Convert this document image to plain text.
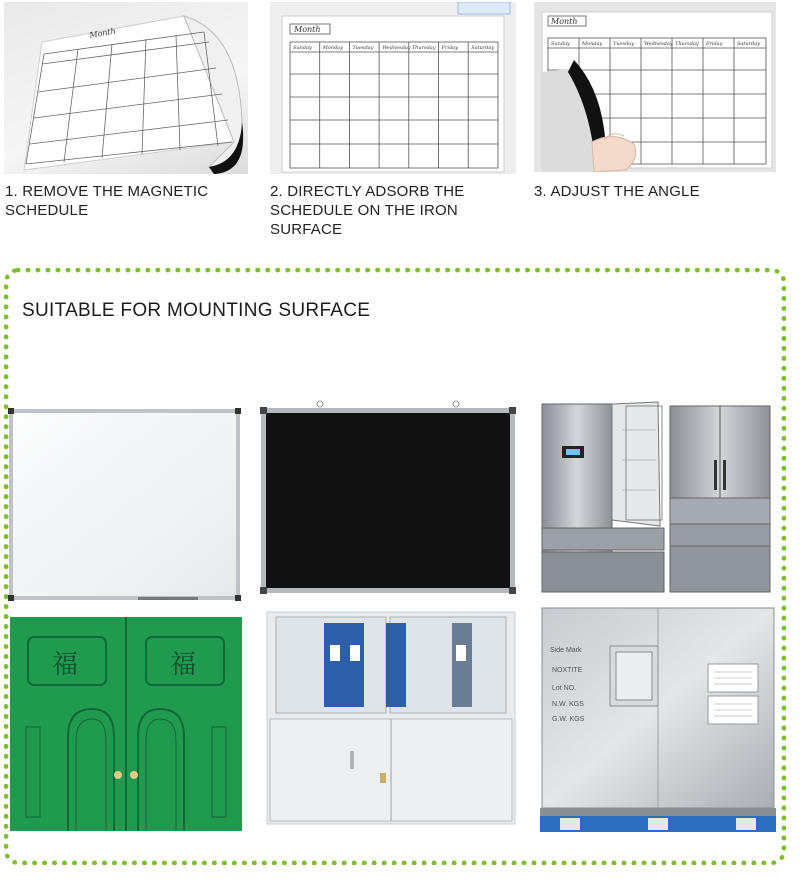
Month
1. REMOVE THE MAGNETIC
SCHEDULE
Month
Sunday Monday Tuesday Wednesday Thursday Friday	Saturday
2. DIRECTLY ADSORB THE
SCHEDULE ON THE IRON
SURFACE
Month
Sunday Monday Tuesday Wednesday Thursday Friday	Saturday
3. ADJUST THE ANGLE
SUITABLE FOR MOUNTING SURFACE
福	福	Side Mark
NOXTITE
Lot NO.
N.W. KGS
G.W. KGS
